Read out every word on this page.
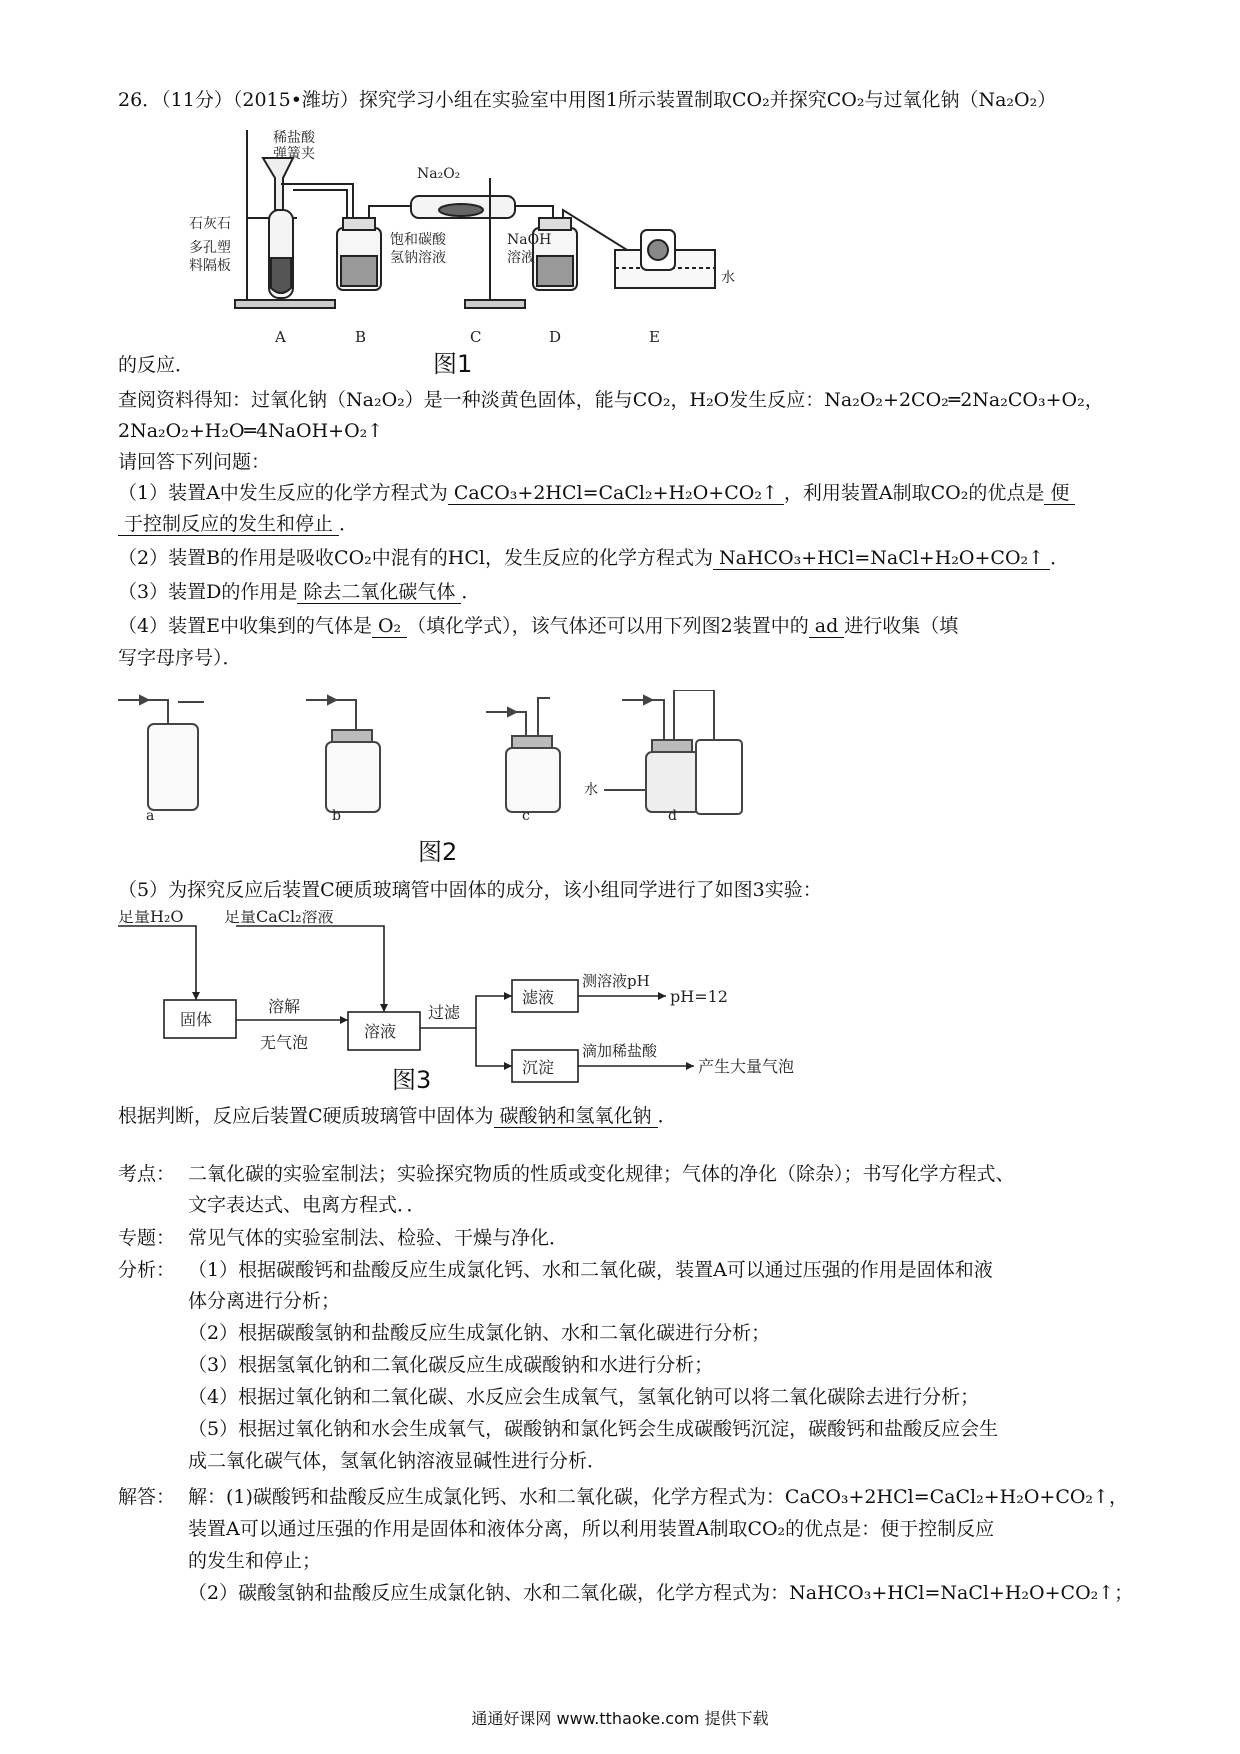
26．（11分）（2015•潍坊）探究学习小组在实验室中用图1所示装置制取CO₂并探究CO₂与过氧化钠（Na₂O₂）
稀盐酸
弹簧夹
石灰石
多孔塑
料隔板
Na₂O₂
饱和碳酸
氢钠溶液
NaOH
溶液
水
A	B	C	D	E
的反应．	图1
查阅资料得知：过氧化钠（Na₂O₂）是一种淡黄色固体，能与CO₂，H₂O发生反应：Na₂O₂+2CO₂═2Na₂CO₃+O₂，
2Na₂O₂+H₂O═4NaOH+O₂↑
请回答下列问题：
（1）装置A中发生反应的化学方程式为 CaCO₃+2HCl=CaCl₂+H₂O+CO₂↑ ，利用装置A制取CO₂的优点是 便
于控制反应的发生和停止 ．
（2）装置B的作用是吸收CO₂中混有的HCl，发生反应的化学方程式为 NaHCO₃+HCl=NaCl+H₂O+CO₂↑ ．
（3）装置D的作用是 除去二氧化碳气体 ．
（4）装置E中收集到的气体是 O₂ （填化学式），该气体还可以用下列图2装置中的 ad 进行收集（填
写字母序号）．
a	b	c	d
水
图2
（5）为探究反应后装置C硬质玻璃管中固体的成分，该小组同学进行了如图3实验：
足量H₂O	足量CaCl₂溶液
固体
溶解
无气泡
溶液
过滤
滤液
沉淀
测溶液pH
pH=12
滴加稀盐酸
产生大量气泡
图3
根据判断，反应后装置C硬质玻璃管中固体为 碳酸钠和氢氧化钠 ．
考点： 二氧化碳的实验室制法；实验探究物质的性质或变化规律；气体的净化（除杂）；书写化学方程式、
文字表达式、电离方程式．．
专题： 常见气体的实验室制法、检验、干燥与净化．
分析： （1）根据碳酸钙和盐酸反应生成氯化钙、水和二氧化碳，装置A可以通过压强的作用是固体和液
体分离进行分析；
（2）根据碳酸氢钠和盐酸反应生成氯化钠、水和二氧化碳进行分析；
（3）根据氢氧化钠和二氧化碳反应生成碳酸钠和水进行分析；
（4）根据过氧化钠和二氧化碳、水反应会生成氧气，氢氧化钠可以将二氧化碳除去进行分析；
（5）根据过氧化钠和水会生成氧气，碳酸钠和氯化钙会生成碳酸钙沉淀，碳酸钙和盐酸反应会生
成二氧化碳气体，氢氧化钠溶液显碱性进行分析．
解答： 解：(1)碳酸钙和盐酸反应生成氯化钙、水和二氧化碳，化学方程式为：CaCO₃+2HCl=CaCl₂+H₂O+CO₂↑，
装置A可以通过压强的作用是固体和液体分离，所以利用装置A制取CO₂的优点是：便于控制反应
的发生和停止；
（2）碳酸氢钠和盐酸反应生成氯化钠、水和二氧化碳，化学方程式为：NaHCO₃+HCl=NaCl+H₂O+CO₂↑；
通通好课网 www.tthaoke.com 提供下载
